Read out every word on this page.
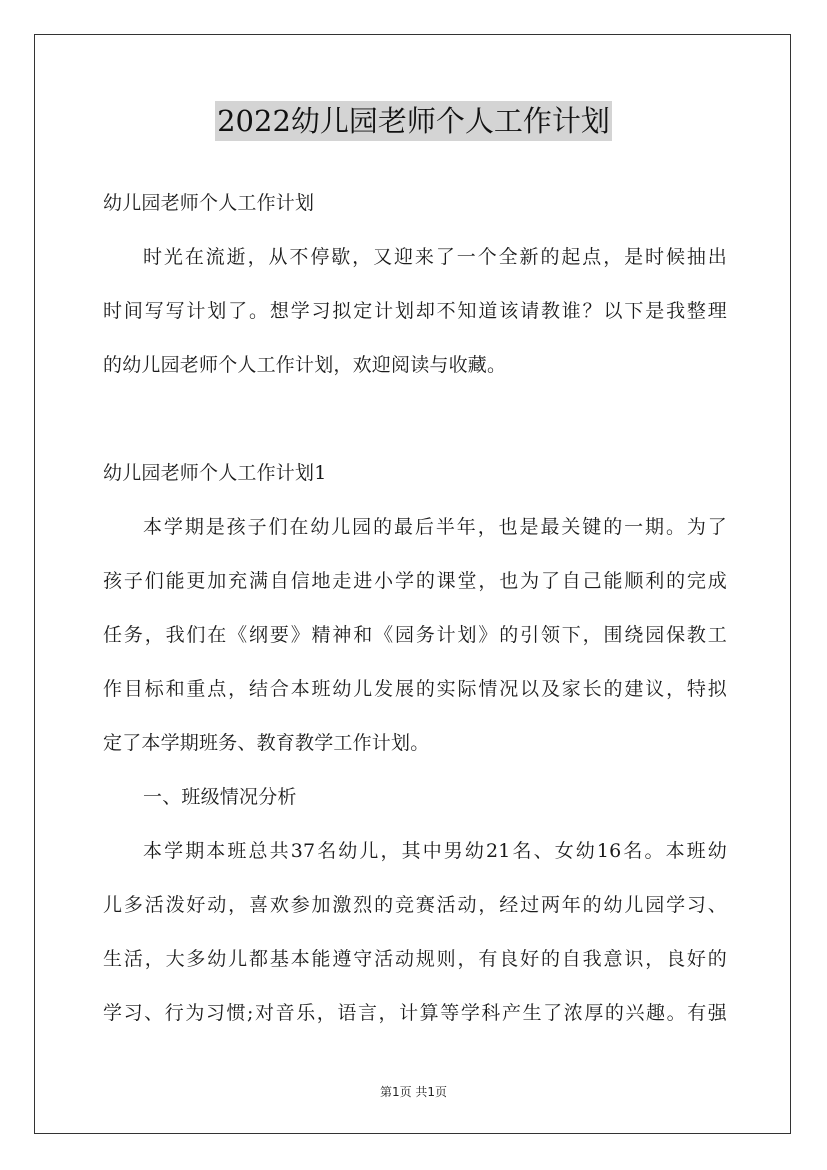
2022幼儿园老师个人工作计划
幼儿园老师个人工作计划
时光在流逝，从不停歇，又迎来了一个全新的起点，是时候抽出
时间写写计划了。想学习拟定计划却不知道该请教谁？以下是我整理
的幼儿园老师个人工作计划，欢迎阅读与收藏。
幼儿园老师个人工作计划1
本学期是孩子们在幼儿园的最后半年，也是最关键的一期。为了
孩子们能更加充满自信地走进小学的课堂，也为了自己能顺利的完成
任务，我们在《纲要》精神和《园务计划》的引领下，围绕园保教工
作目标和重点，结合本班幼儿发展的实际情况以及家长的建议，特拟
定了本学期班务、教育教学工作计划。
一、班级情况分析
本学期本班总共37名幼儿，其中男幼21名、女幼16名。本班幼
儿多活泼好动，喜欢参加激烈的竞赛活动，经过两年的幼儿园学习、
生活，大多幼儿都基本能遵守活动规则，有良好的自我意识，良好的
学习、行为习惯;对音乐，语言，计算等学科产生了浓厚的兴趣。有强
第1页 共1页
